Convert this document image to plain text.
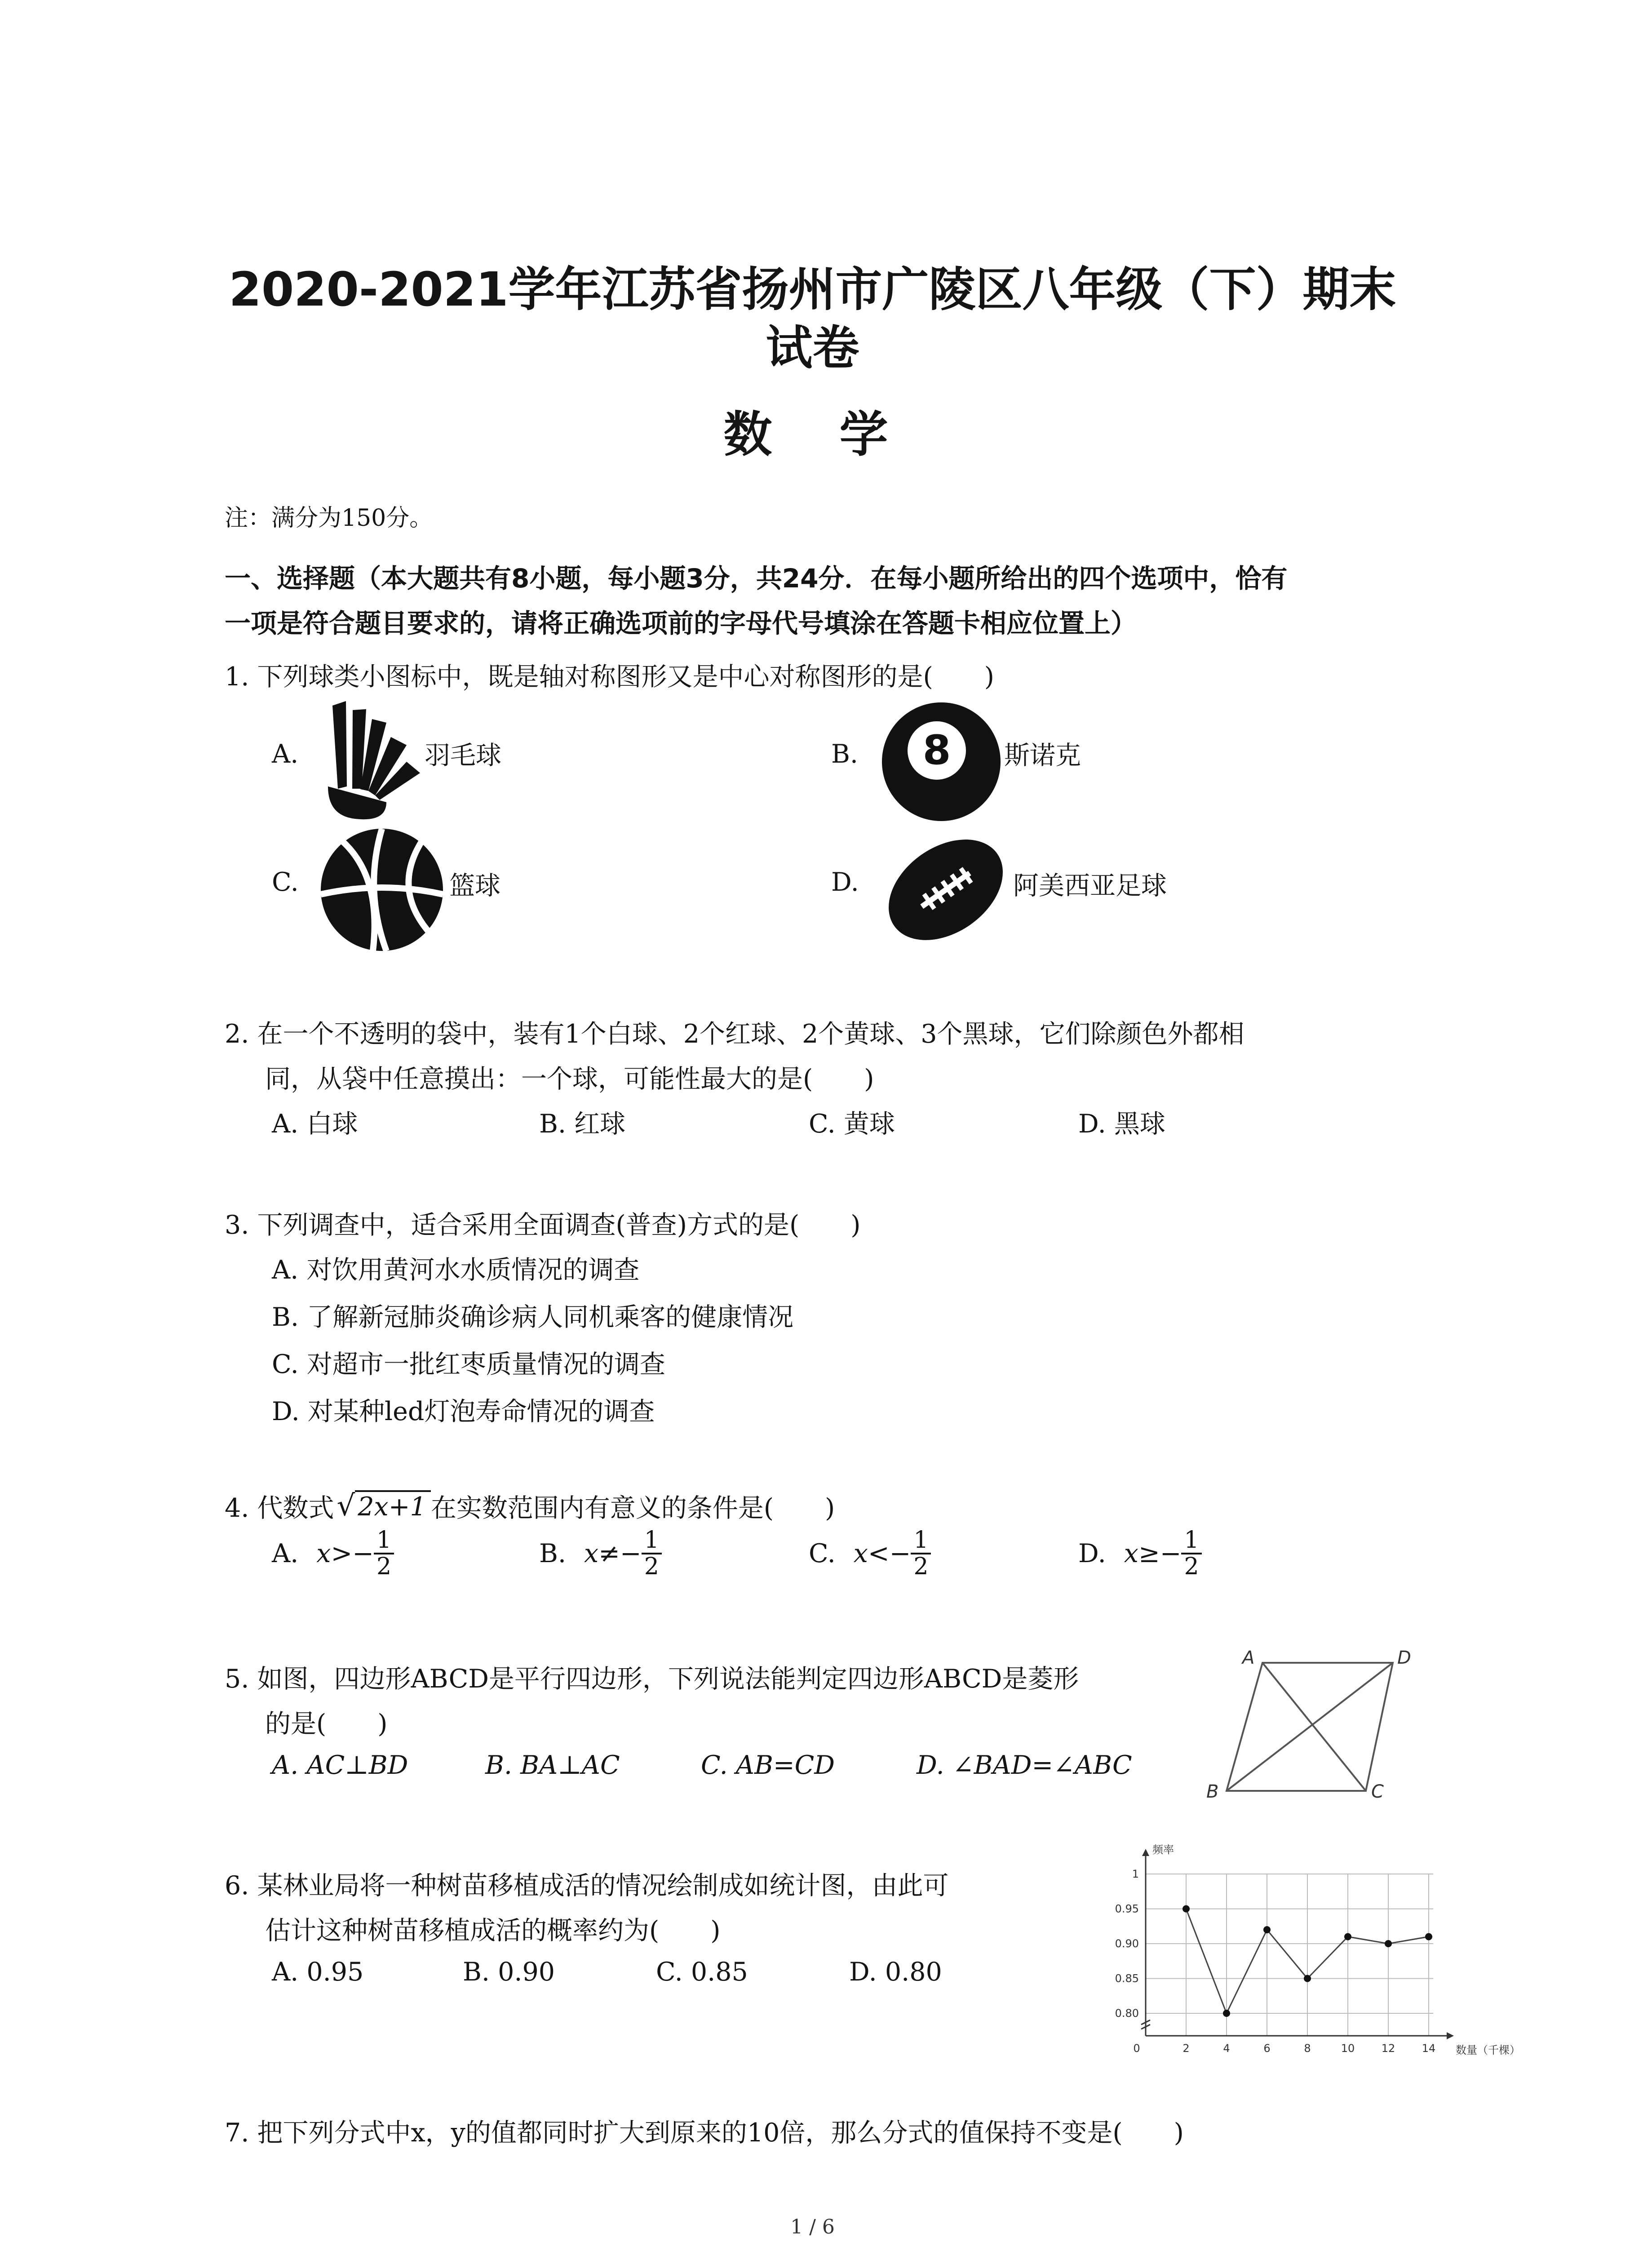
2020-2021学年江苏省扬州市广陵区八年级（下）期末
试卷
数学
注：满分为150分。
一、选择题（本大题共有8小题，每小题3分，共24分．在每小题所给出的四个选项中，恰有
一项是符合题目要求的，请将正确选项前的字母代号填涂在答题卡相应位置上）
1. 下列球类小图标中，既是轴对称图形又是中心对称图形的是(　　)
A.	羽毛球	B. 8 斯诺克
C.	篮球	D.	阿美西亚足球
2. 在一个不透明的袋中，装有1个白球、2个红球、2个黄球、3个黑球，它们除颜色外都相
同，从袋中任意摸出：一个球，可能性最大的是(　　)
A. 白球	B. 红球	C. 黄球	D. 黑球
3. 下列调查中，适合采用全面调查(普查)方式的是(　　)
A. 对饮用黄河水水质情况的调查
B. 了解新冠肺炎确诊病人同机乘客的健康情况
C. 对超市一批红枣质量情况的调查
D. 对某种led灯泡寿命情况的调查
4. 代数式 √ 2x+1 在实数范围内有意义的条件是(　　)
A. $x>- \frac{1}{2}$	B. $x\ne- \frac{1}{2}$	C. $x<- \frac{1}{2}$	D. $x\ge- \frac{1}{2}$
5. 如图，四边形ABCD是平行四边形，下列说法能判定四边形ABCD是菱形
的是(　　)
A. AC⊥BD	B. BA⊥AC	C. AB=CD	D. ∠BAD=∠ABC
A	D
B	C
6. 某林业局将一种树苗移植成活的情况绘制成如统计图，由此可
估计这种树苗移植成活的概率约为(　　)
A. 0.95	B. 0.90	C. 0.85	D. 0.80
0.80
0.85
0.90
0.95
1
0	2	4	6	8	10 12 14
频率
数量（千棵）
7. 把下列分式中x，y的值都同时扩大到原来的10倍，那么分式的值保持不变是(　　)
1 / 6
